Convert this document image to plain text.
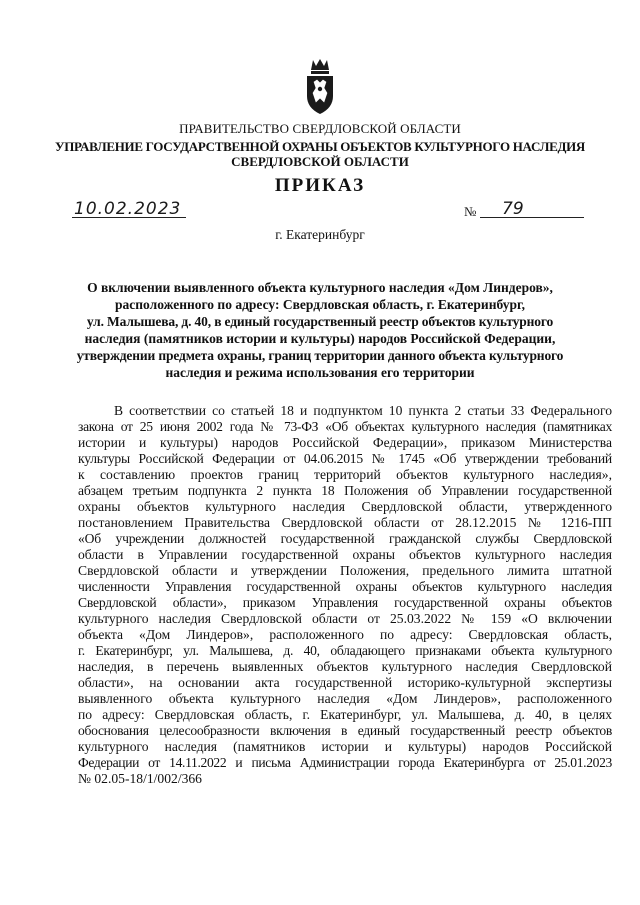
ПРАВИТЕЛЬСТВО СВЕРДЛОВСКОЙ ОБЛАСТИ
УПРАВЛЕНИЕ ГОСУДАРСТВЕННОЙ ОХРАНЫ ОБЪЕКТОВ КУЛЬТУРНОГО НАСЛЕДИЯ
СВЕРДЛОВСКОЙ ОБЛАСТИ
ПРИКАЗ
10.02.2023	№ 79
г. Екатеринбург
О включении выявленного объекта культурного наследия «Дом Линдеров»,
расположенного по адресу: Свердловская область, г. Екатеринбург,
ул. Малышева, д. 40, в единый государственный реестр объектов культурного
наследия (памятников истории и культуры) народов Российской Федерации,
утверждении предмета охраны, границ территории данного объекта культурного
наследия и режима использования его территории
В соответствии со статьей 18 и подпунктом 10 пункта 2 статьи 33 Федерального
закона от 25 июня 2002 года № 73-ФЗ «Об объектах культурного наследия (памятниках
истории и культуры) народов Российской Федерации», приказом Министерства
культуры Российской Федерации от 04.06.2015 № 1745 «Об утверждении требований
к составлению проектов границ территорий объектов культурного наследия»,
абзацем третьим подпункта 2 пункта 18 Положения об Управлении государственной
охраны объектов культурного наследия Свердловской области, утвержденного
постановлением Правительства Свердловской области от 28.12.2015 № 1216-ПП
«Об учреждении должностей государственной гражданской службы Свердловской
области в Управлении государственной охраны объектов культурного наследия
Свердловской области и утверждении Положения, предельного лимита штатной
численности Управления государственной охраны объектов культурного наследия
Свердловской области», приказом Управления государственной охраны объектов
культурного наследия Свердловской области от 25.03.2022 № 159 «О включении
объекта «Дом Линдеров», расположенного по адресу: Свердловская область,
г. Екатеринбург, ул. Малышева, д. 40, обладающего признаками объекта культурного
наследия, в перечень выявленных объектов культурного наследия Свердловской
области», на основании акта государственной историко-культурной экспертизы
выявленного объекта культурного наследия «Дом Линдеров», расположенного
по адресу: Свердловская область, г. Екатеринбург, ул. Малышева, д. 40, в целях
обоснования целесообразности включения в единый государственный реестр объектов
культурного наследия (памятников истории и культуры) народов Российской
Федерации от 14.11.2022 и письма Администрации города Екатеринбурга от 25.01.2023
№ 02.05-18/1/002/366
